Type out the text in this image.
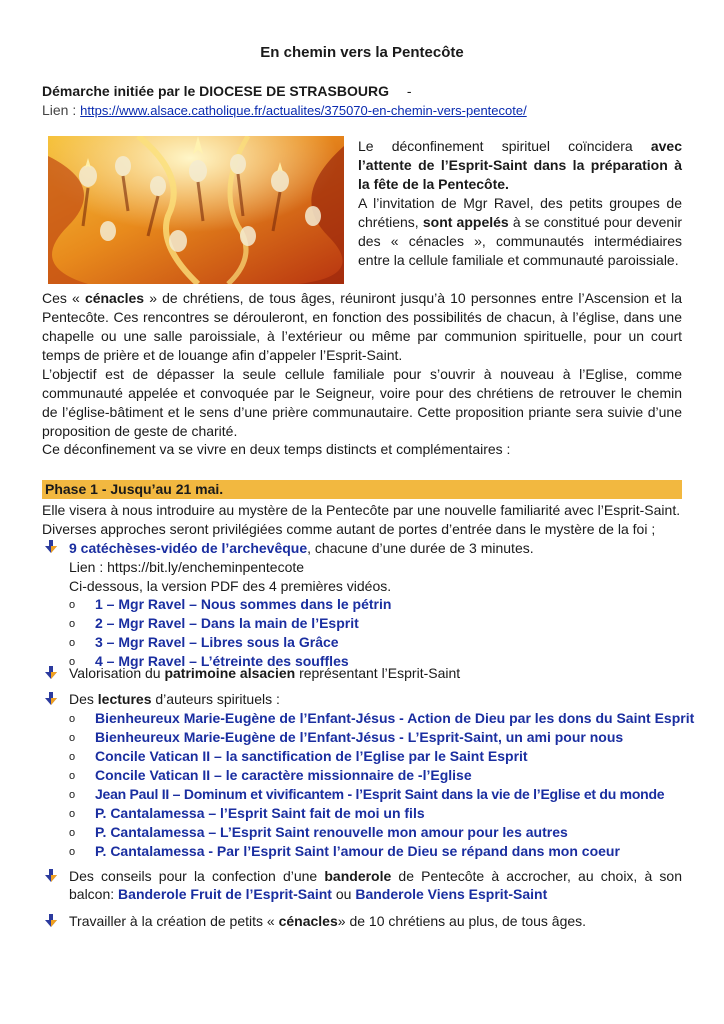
En chemin vers la Pentecôte
Démarche initiée par le DIOCESE DE STRASBOURG -
Lien : https://www.alsace.catholique.fr/actualites/375070-en-chemin-vers-pentecote/
Le déconfinement spirituel coïncidera avec l’attente de l’Esprit-Saint dans la préparation à la fête de la Pentecôte.
A l’invitation de Mgr Ravel, des petits groupes de chrétiens, sont appelés à se constitué pour devenir des « cénacles », communautés intermédiaires entre la cellule familiale et communauté paroissiale.
Ces « cénacles » de chrétiens, de tous âges, réuniront jusqu’à 10 personnes entre l’Ascension et la Pentecôte. Ces rencontres se dérouleront, en fonction des possibilités de chacun, à l’église, dans une chapelle ou une salle paroissiale, à l’extérieur ou même par communion spirituelle, pour un court temps de prière et de louange afin d’appeler l’Esprit-Saint.
L’objectif est de dépasser la seule cellule familiale pour s’ouvrir à nouveau à l’Eglise, comme communauté appelée et convoquée par le Seigneur, voire pour des chrétiens de retrouver le chemin de l’église-bâtiment et le sens d’une prière communautaire. Cette proposition priante sera suivie d’une proposition de geste de charité.
Ce déconfinement va se vivre en deux temps distincts et complémentaires :
Phase 1 - Jusqu’au 21 mai.
Elle visera à nous introduire au mystère de la Pentecôte par une nouvelle familiarité avec l’Esprit-Saint.
Diverses approches seront privilégiées comme autant de portes d’entrée dans le mystère de la foi ;
9 catéchèses-vidéo de l’archevêque, chacune d’une durée de 3 minutes.
Lien : https://bit.ly/encheminpentecote
Ci-dessous, la version PDF des 4 premières vidéos.
o 1 – Mgr Ravel – Nous sommes dans le pétrin
o 2 – Mgr Ravel – Dans la main de l’Esprit
o 3 – Mgr Ravel – Libres sous la Grâce
o 4 – Mgr Ravel – L’étreinte des souffles
Valorisation du patrimoine alsacien représentant l’Esprit-Saint
Des lectures d’auteurs spirituels :
o Bienheureux Marie-Eugène de l’Enfant-Jésus - Action de Dieu par les dons du Saint Esprit
o Bienheureux Marie-Eugène de l’Enfant-Jésus - L’Esprit-Saint, un ami pour nous
o Concile Vatican II – la sanctification de l’Eglise par le Saint Esprit
o Concile Vatican II – le caractère missionnaire de -l’Eglise
o Jean Paul II – Dominum et vivificantem - l’Esprit Saint dans la vie de l’Eglise et du monde
o P. Cantalamessa – l’Esprit Saint fait de moi un fils
o P. Cantalamessa – L’Esprit Saint renouvelle mon amour pour les autres
o P. Cantalamessa - Par l’Esprit Saint l’amour de Dieu se répand dans mon coeur
Des conseils pour la confection d’une banderole de Pentecôte à accrocher, au choix, à son
balcon: Banderole Fruit de l’Esprit-Saint ou Banderole Viens Esprit-Saint
Travailler à la création de petits « cénacles» de 10 chrétiens au plus, de tous âges.
